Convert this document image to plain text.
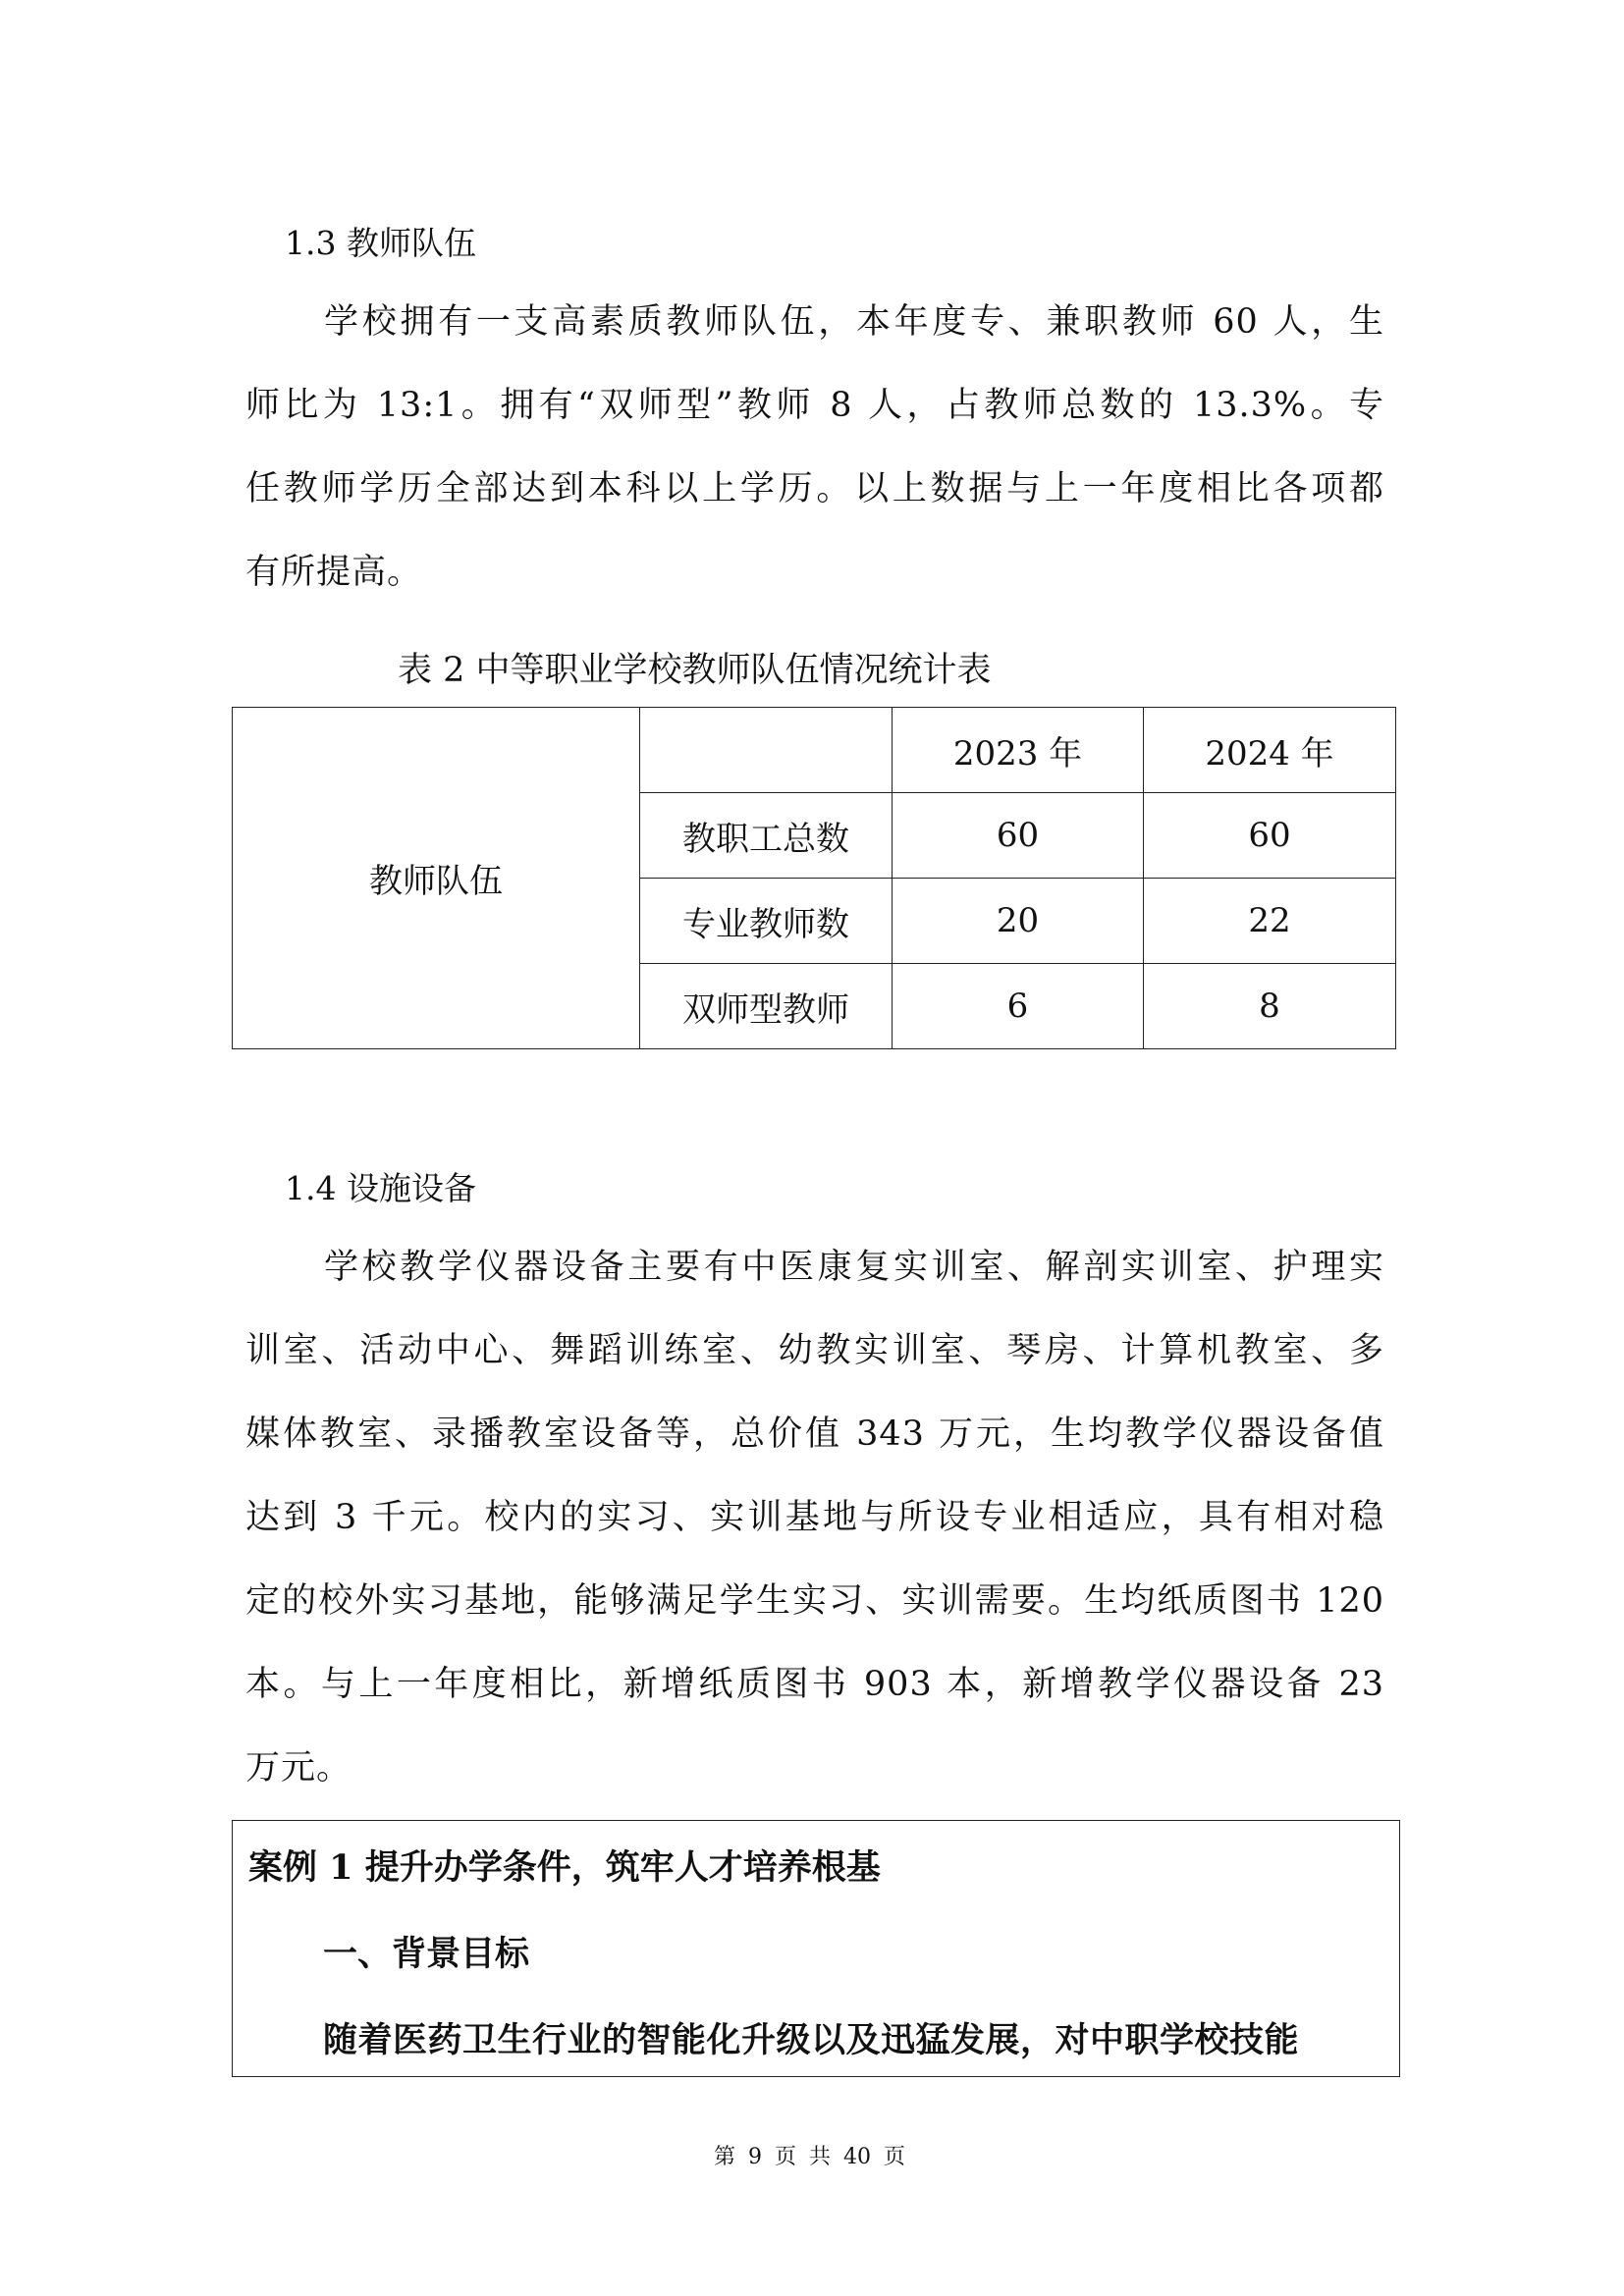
1.3 教师队伍
学校拥有一支高素质教师队伍，本年度专、兼职教师 60 人，生
师比为 13:1。拥有“双师型”教师 8 人，占教师总数的 13.3%。专
任教师学历全部达到本科以上学历。以上数据与上一年度相比各项都
有所提高。
表 2 中等职业学校教师队伍情况统计表
教师队伍		2023 年	2024 年
	教职工总数	60	60
	专业教师数	20	22
	双师型教师	6	8
1.4 设施设备
学校教学仪器设备主要有中医康复实训室、解剖实训室、护理实
训室、活动中心、舞蹈训练室、幼教实训室、琴房、计算机教室、多
媒体教室、录播教室设备等，总价值 343 万元，生均教学仪器设备值
达到 3 千元。校内的实习、实训基地与所设专业相适应，具有相对稳
定的校外实习基地，能够满足学生实习、实训需要。生均纸质图书 120
本。与上一年度相比，新增纸质图书 903 本，新增教学仪器设备 23
万元。
案例 1 提升办学条件，筑牢人才培养根基
一、背景目标
随着医药卫生行业的智能化升级以及迅猛发展，对中职学校技能
第 9 页 共 40 页
